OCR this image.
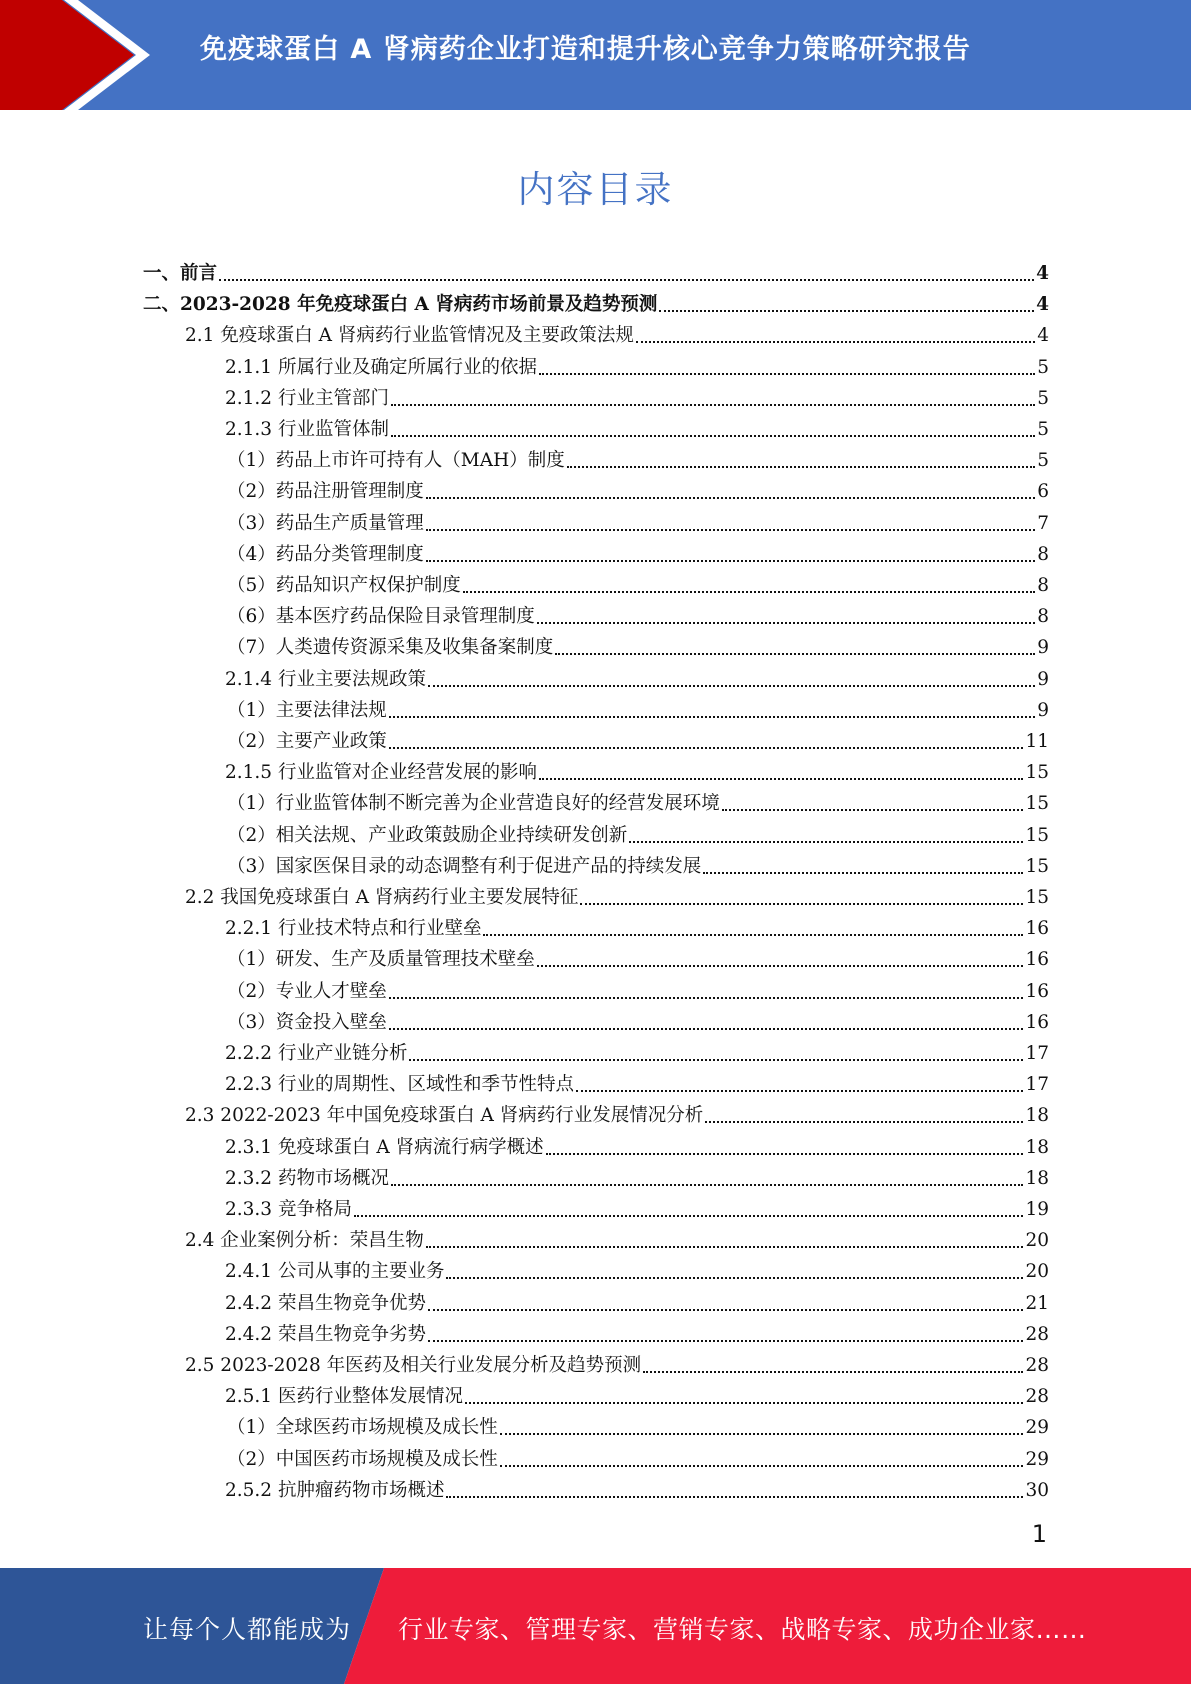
免疫球蛋白 A 肾病药企业打造和提升核心竞争力策略研究报告
内容目录
一、前言	4
二、2023-2028 年免疫球蛋白 A 肾病药市场前景及趋势预测	4
2.1 免疫球蛋白 A 肾病药行业监管情况及主要政策法规	4
2.1.1 所属行业及确定所属行业的依据	5
2.1.2 行业主管部门	5
2.1.3 行业监管体制	5
（1）药品上市许可持有人（MAH）制度	5
（2）药品注册管理制度	6
（3）药品生产质量管理	7
（4）药品分类管理制度	8
（5）药品知识产权保护制度	8
（6）基本医疗药品保险目录管理制度	8
（7）人类遗传资源采集及收集备案制度	9
2.1.4 行业主要法规政策	9
（1）主要法律法规	9
（2）主要产业政策	11
2.1.5 行业监管对企业经营发展的影响	15
（1）行业监管体制不断完善为企业营造良好的经营发展环境	15
（2）相关法规、产业政策鼓励企业持续研发创新	15
（3）国家医保目录的动态调整有利于促进产品的持续发展	15
2.2 我国免疫球蛋白 A 肾病药行业主要发展特征	15
2.2.1 行业技术特点和行业壁垒	16
（1）研发、生产及质量管理技术壁垒	16
（2）专业人才壁垒	16
（3）资金投入壁垒	16
2.2.2 行业产业链分析	17
2.2.3 行业的周期性、区域性和季节性特点	17
2.3 2022-2023 年中国免疫球蛋白 A 肾病药行业发展情况分析	18
2.3.1 免疫球蛋白 A 肾病流行病学概述	18
2.3.2 药物市场概况	18
2.3.3 竞争格局	19
2.4 企业案例分析：荣昌生物	20
2.4.1 公司从事的主要业务	20
2.4.2 荣昌生物竞争优势	21
2.4.2 荣昌生物竞争劣势	28
2.5 2023-2028 年医药及相关行业发展分析及趋势预测	28
2.5.1 医药行业整体发展情况	28
（1）全球医药市场规模及成长性	29
（2）中国医药市场规模及成长性	29
2.5.2 抗肿瘤药物市场概述	30
1
让每个人都能成为 行业专家、管理专家、营销专家、战略专家、成功企业家……
